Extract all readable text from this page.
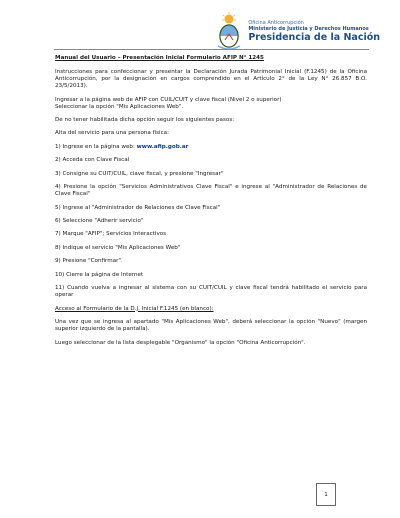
Oficina Anticorrupción
Ministerio de Justicia y Derechos Humanos
Presidencia de la Nación

Manual del Usuario – Presentación Inicial Formulario AFIP N° 1245

Instrucciones para confeccionar y presentar la Declaración Jurada Patrimonial Inicial (F.1245) de la Oficina Anticorrupción, por la designación en cargos comprendido en el Artículo 2° de la Ley N° 26.857 B.O. 23/5/2013).

Ingresar a la página web de AFIP con CUIL/CUIT y clave fiscal (Nivel 2 o superior)
Seleccionar la opción "Mis Aplicaciones Web".

De no tener habilitada dicha opción seguir los siguientes pasos:

Alta del servicio para una persona física:

1) Ingrese en la página web: www.afip.gob.ar

2) Acceda con Clave Fiscal

3) Consigne su CUIT/CUIL, clave fiscal, y presione "Ingresar"

4) Presione la opción "Servicios Administrativos Clave Fiscal" e ingrese al "Administrador de Relaciones de Clave Fiscal"

5) Ingrese al "Administrador de Relaciones de Clave Fiscal"

6) Seleccione "Adherir servicio"

7) Marque "AFIP"; Servicios Interactivos

8) Indique el servicio "Mis Aplicaciones Web"

9) Presione "Confirmar".

10) Cierre la página de Internet

11) Cuando vuelva a ingresar al sistema con su CUIT/CUIL y clave fiscal tendrá habilitado el servicio para operar

Acceso al Formulario de la D.J. Inicial F.1245 (en blanco):

Una vez que se ingresa al apartado "Mis Aplicaciones Web", deberá seleccionar la opción "Nuevo" (margen superior izquierdo de la pantalla).

Luego seleccionar de la lista desplegable "Organismo" la opción "Oficina Anticorrupción".

1
